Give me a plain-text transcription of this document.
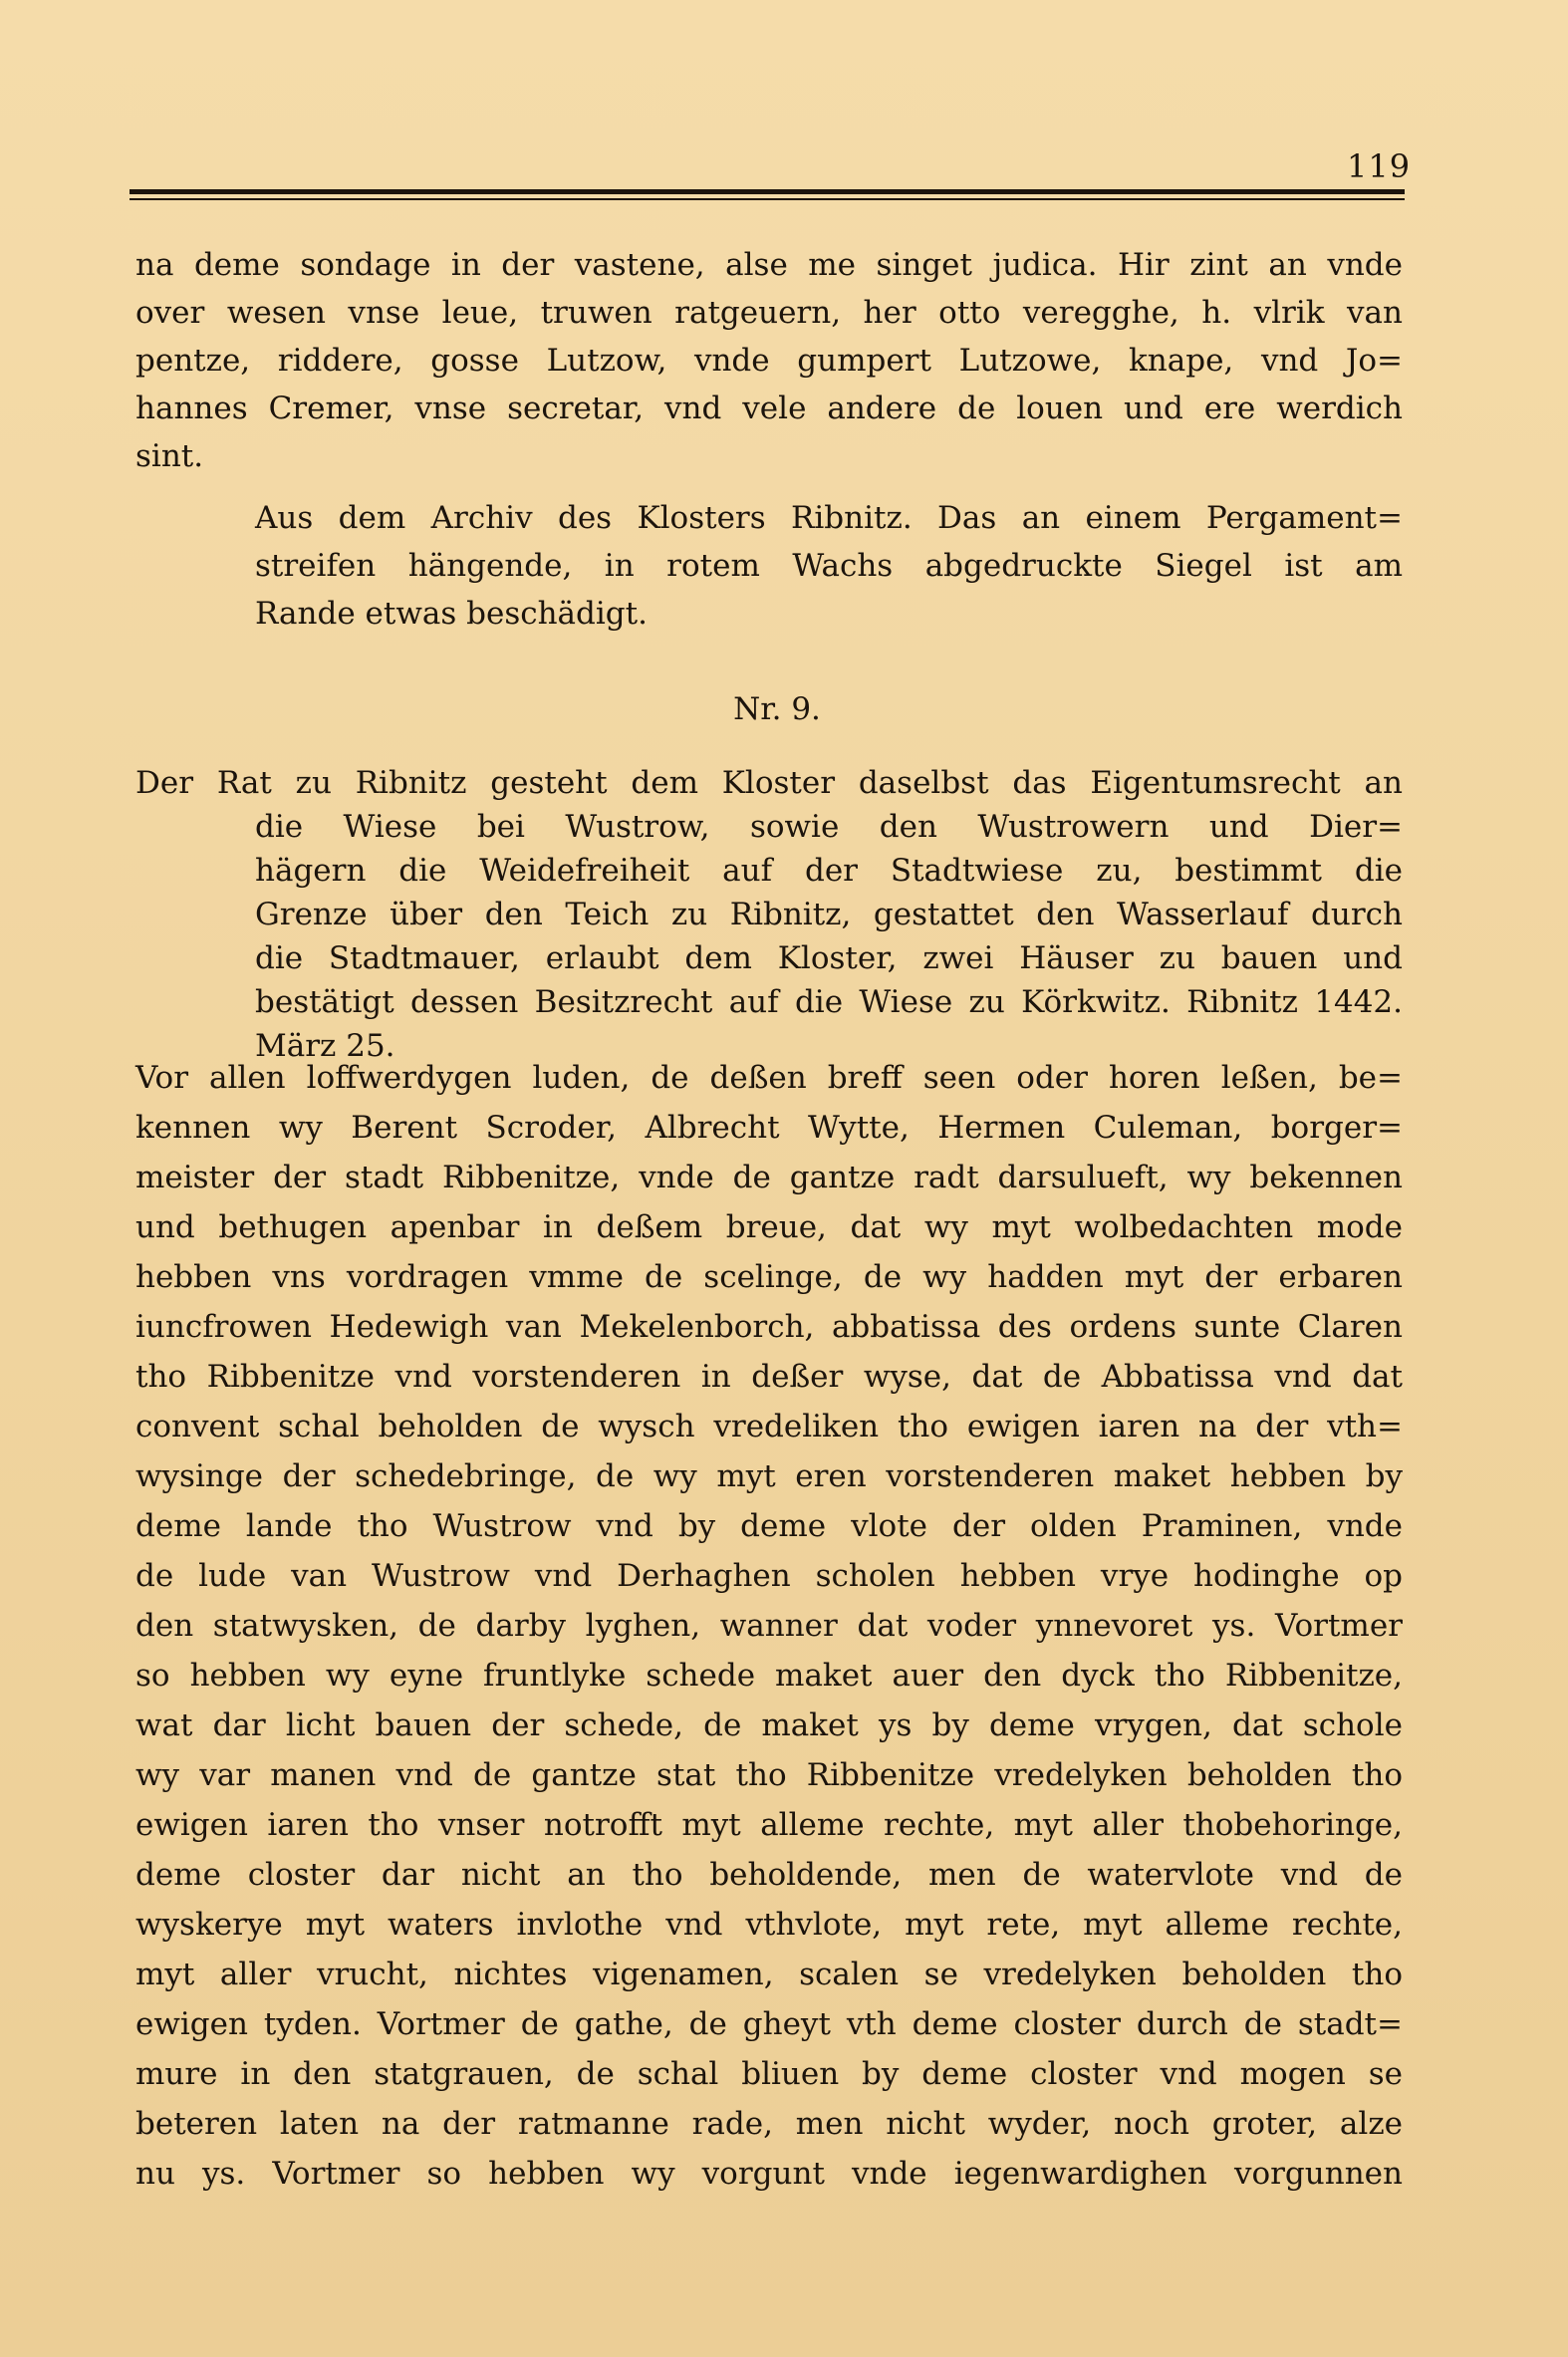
119
na deme sondage in der vastene, alse me singet judica. Hir zint an vnde
over wesen vnse leue, truwen ratgeuern, her otto veregghe, h. vlrik van
pentze, riddere, gosse Lutzow, vnde gumpert Lutzowe, knape, vnd Jo=
hannes Cremer, vnse secretar, vnd vele andere de louen und ere werdich
sint.
Aus dem Archiv des Klosters Ribnitz. Das an einem Pergament=
streifen hängende, in rotem Wachs abgedruckte Siegel ist am
Rande etwas beschädigt.
Nr. 9.
Der Rat zu Ribnitz gesteht dem Kloster daselbst das Eigentumsrecht an
die Wiese bei Wustrow, sowie den Wustrowern und Dier=
hägern die Weidefreiheit auf der Stadtwiese zu, bestimmt die
Grenze über den Teich zu Ribnitz, gestattet den Wasserlauf durch
die Stadtmauer, erlaubt dem Kloster, zwei Häuser zu bauen und
bestätigt dessen Besitzrecht auf die Wiese zu Körkwitz. Ribnitz 1442.
März 25.
Vor allen loffwerdygen luden, de deßen breff seen oder horen leßen, be=
kennen wy Berent Scroder, Albrecht Wytte, Hermen Culeman, borger=
meister der stadt Ribbenitze, vnde de gantze radt darsulueft, wy bekennen
und bethugen apenbar in deßem breue, dat wy myt wolbedachten mode
hebben vns vordragen vmme de scelinge, de wy hadden myt der erbaren
iuncfrowen Hedewigh van Mekelenborch, abbatissa des ordens sunte Claren
tho Ribbenitze vnd vorstenderen in deßer wyse, dat de Abbatissa vnd dat
convent schal beholden de wysch vredeliken tho ewigen iaren na der vth=
wysinge der schedebringe, de wy myt eren vorstenderen maket hebben by
deme lande tho Wustrow vnd by deme vlote der olden Praminen, vnde
de lude van Wustrow vnd Derhaghen scholen hebben vrye hodinghe op
den statwysken, de darby lyghen, wanner dat voder ynnevoret ys. Vortmer
so hebben wy eyne fruntlyke schede maket auer den dyck tho Ribbenitze,
wat dar licht bauen der schede, de maket ys by deme vrygen, dat schole
wy var manen vnd de gantze stat tho Ribbenitze vredelyken beholden tho
ewigen iaren tho vnser notrofft myt alleme rechte, myt aller thobehoringe,
deme closter dar nicht an tho beholdende, men de watervlote vnd de
wyskerye myt waters invlothe vnd vthvlote, myt rete, myt alleme rechte,
myt aller vrucht, nichtes vigenamen, scalen se vredelyken beholden tho
ewigen tyden. Vortmer de gathe, de gheyt vth deme closter durch de stadt=
mure in den statgrauen, de schal bliuen by deme closter vnd mogen se
beteren laten na der ratmanne rade, men nicht wyder, noch groter, alze
nu ys. Vortmer so hebben wy vorgunt vnde iegenwardighen vorgunnen
